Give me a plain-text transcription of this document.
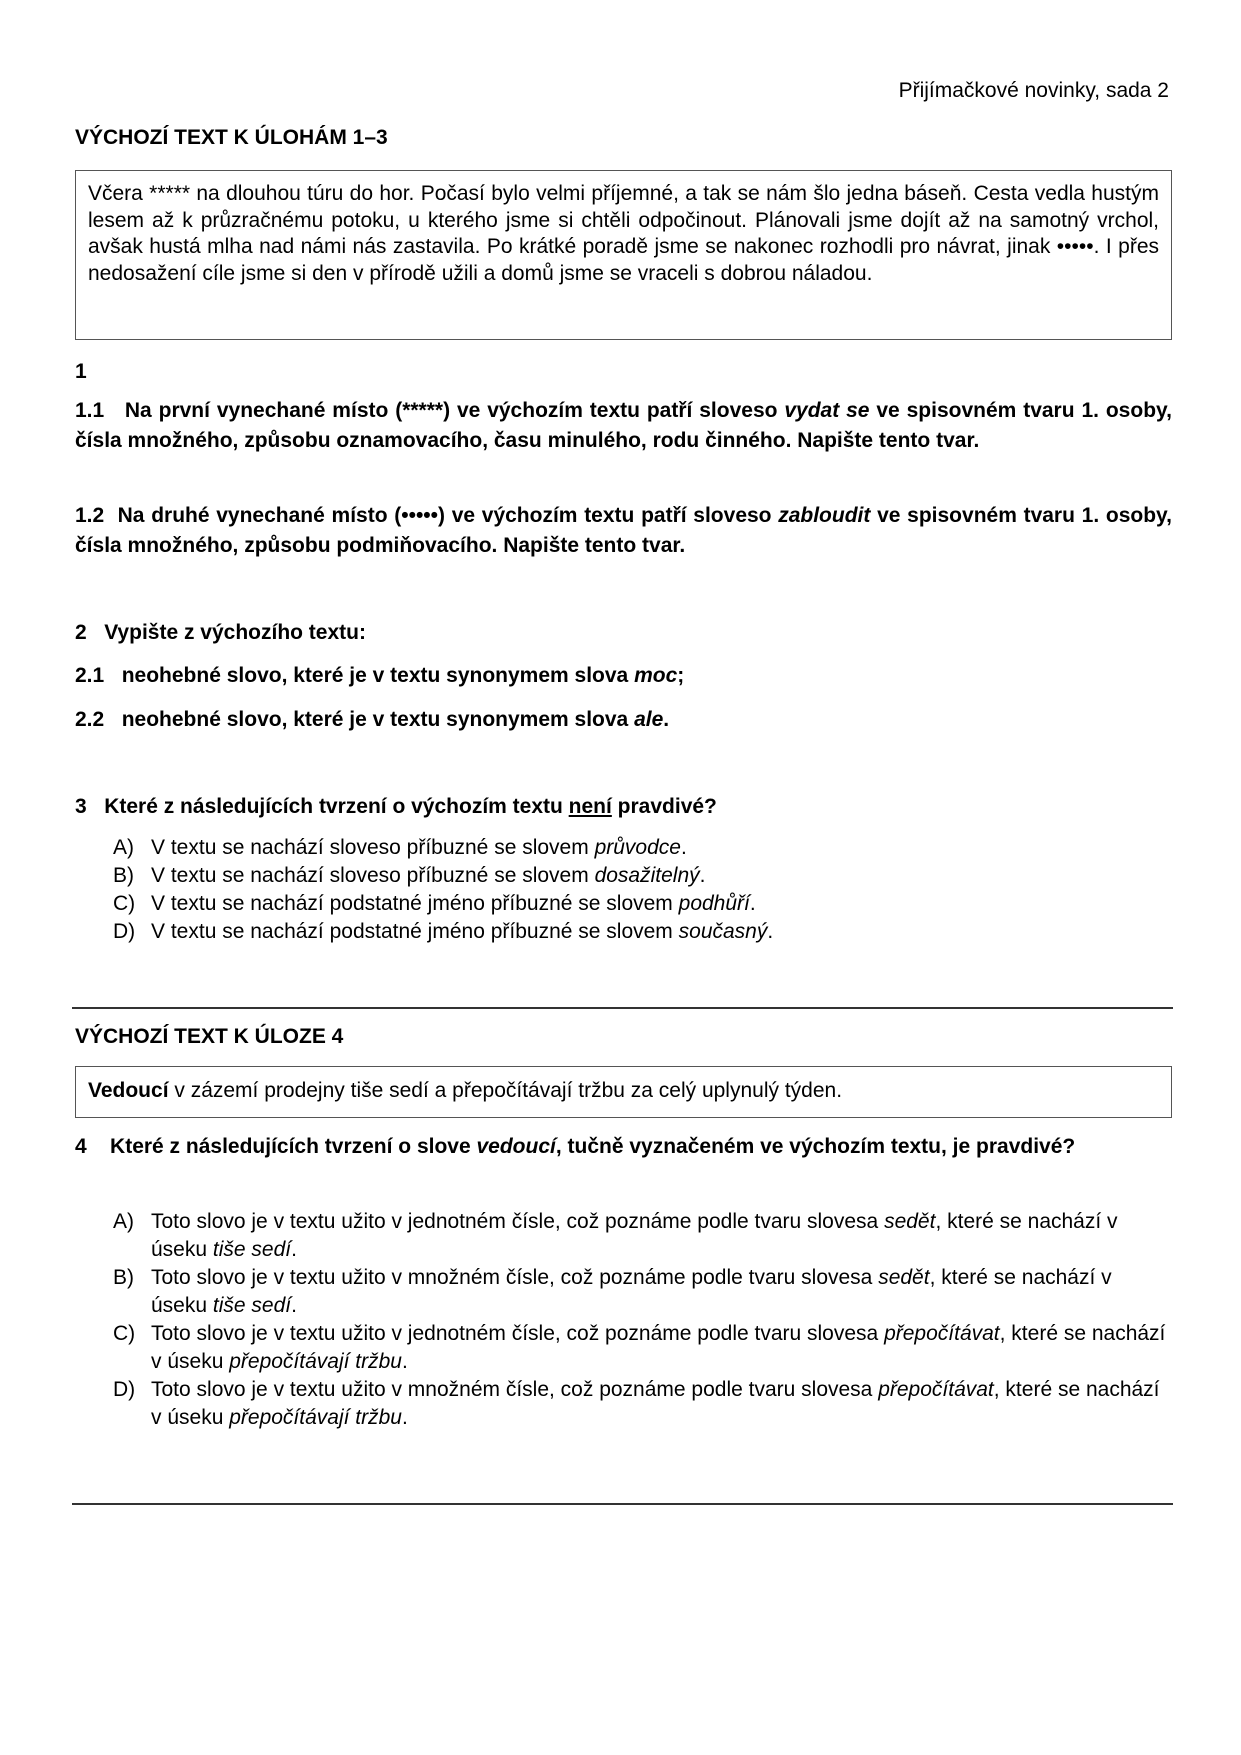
Přijímačkové novinky, sada 2
VÝCHOZÍ TEXT K ÚLOHÁM 1–3
Včera ***** na dlouhou túru do hor. Počasí bylo velmi příjemné, a tak se nám šlo jedna báseň. Cesta vedla hustým lesem až k průzračnému potoku, u kterého jsme si chtěli odpočinout. Plánovali jsme dojít až na samotný vrchol, avšak hustá mlha nad námi nás zastavila. Po krátké poradě jsme se nakonec rozhodli pro návrat, jinak •••••. I přes nedosažení cíle jsme si den v přírodě užili a domů jsme se vraceli s dobrou náladou.
1
1.1 Na první vynechané místo (*****) ve výchozím textu patří sloveso vydat se ve spisovném tvaru 1. osoby, čísla množného, způsobu oznamovacího, času minulého, rodu činného. Napište tento tvar.
1.2 Na druhé vynechané místo (•••••) ve výchozím textu patří sloveso zabloudit ve spisovném tvaru 1. osoby, čísla množného, způsobu podmiňovacího. Napište tento tvar.
2 Vypište z výchozího textu:
2.1 neohebné slovo, které je v textu synonymem slova moc;
2.2 neohebné slovo, které je v textu synonymem slova ale.
3 Které z následujících tvrzení o výchozím textu není pravdivé?
A) V textu se nachází sloveso příbuzné se slovem průvodce.
B) V textu se nachází sloveso příbuzné se slovem dosažitelný.
C) V textu se nachází podstatné jméno příbuzné se slovem podhůří.
D) V textu se nachází podstatné jméno příbuzné se slovem současný.
VÝCHOZÍ TEXT K ÚLOZE 4
Vedoucí v zázemí prodejny tiše sedí a přepočítávají tržbu za celý uplynulý týden.
4 Které z následujících tvrzení o slove vedoucí, tučně vyznačeném ve výchozím textu, je pravdivé?
A) Toto slovo je v textu užito v jednotném čísle, což poznáme podle tvaru slovesa sedět, které se nachází v úseku tiše sedí.
B) Toto slovo je v textu užito v množném čísle, což poznáme podle tvaru slovesa sedět, které se nachází v úseku tiše sedí.
C) Toto slovo je v textu užito v jednotném čísle, což poznáme podle tvaru slovesa přepočítávat, které se nachází v úseku přepočítávají tržbu.
D) Toto slovo je v textu užito v množném čísle, což poznáme podle tvaru slovesa přepočítávat, které se nachází v úseku přepočítávají tržbu.
